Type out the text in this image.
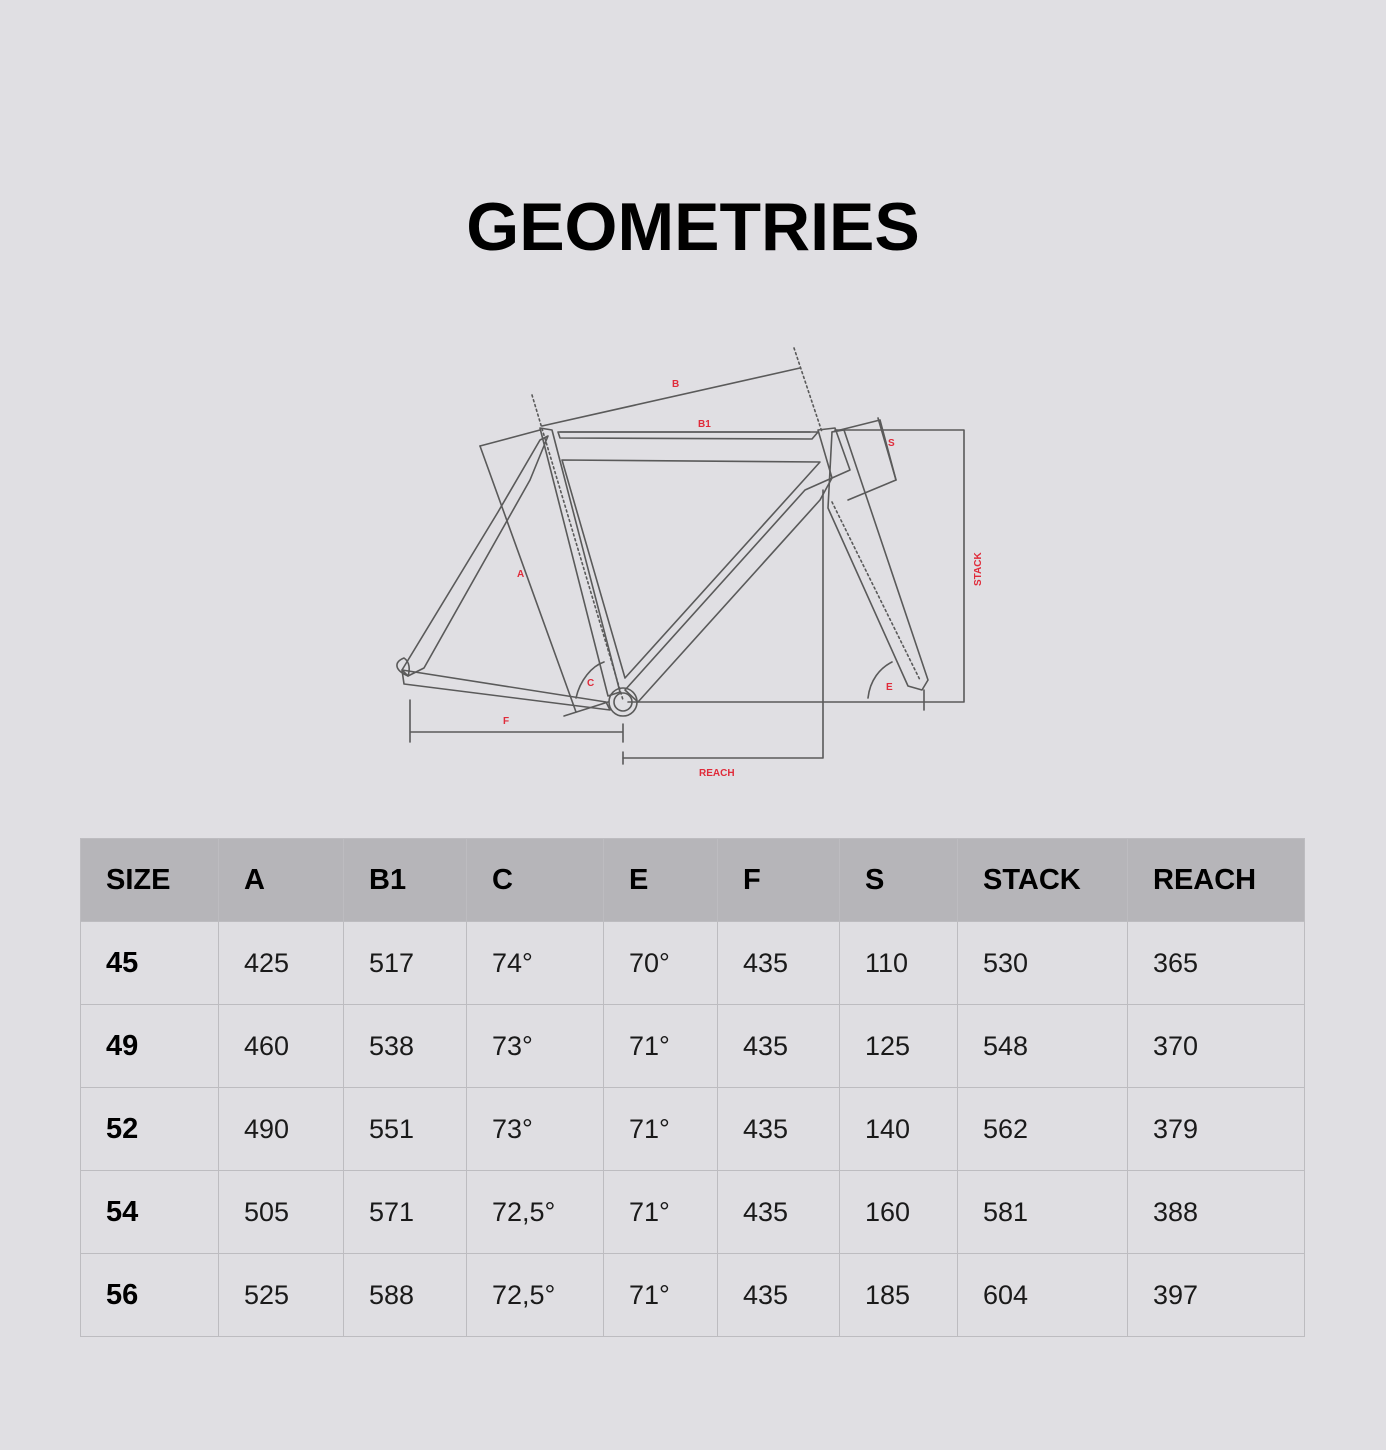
GEOMETRIES
B
B1
S
A	STACK
C	E
F
REACH
SIZE	A	B1	C	E	F	S	STACK	REACH
45	425	517	74°	70°	435	110	530	365
49	460	538	73°	71°	435	125	548	370
52	490	551	73°	71°	435	140	562	379
54	505	571	72,5°	71°	435	160	581	388
56	525	588	72,5°	71°	435	185	604	397
